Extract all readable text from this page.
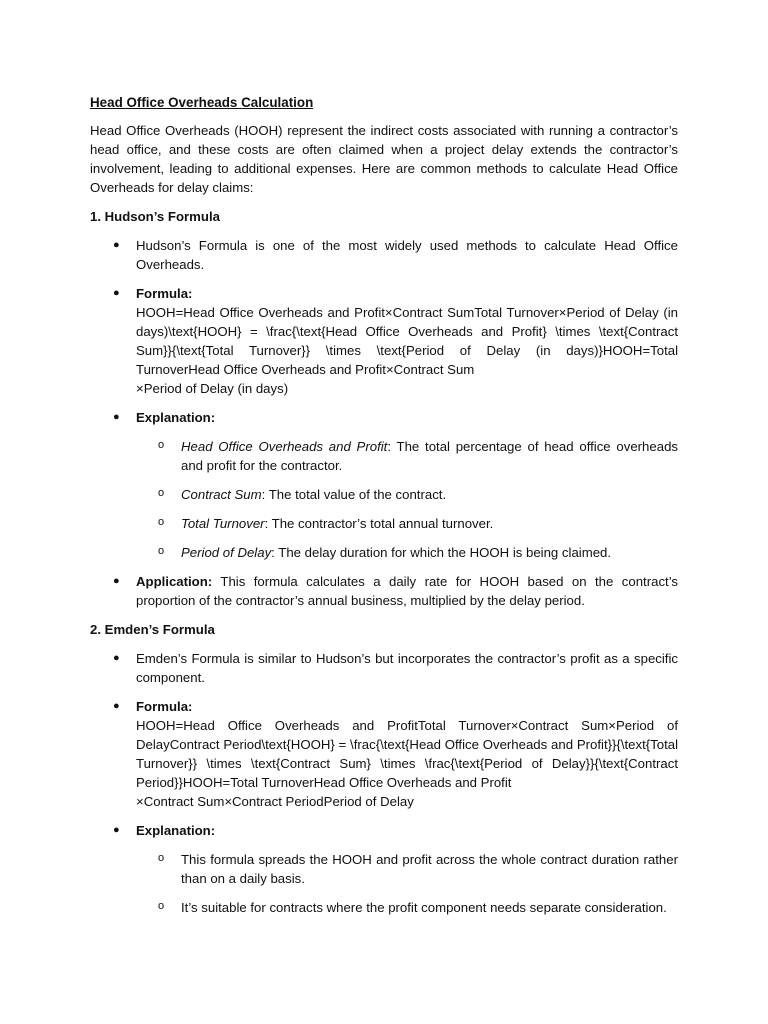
Head Office Overheads Calculation

Head Office Overheads (HOOH) represent the indirect costs associated with running a contractor’s head office, and these costs are often claimed when a project delay extends the contractor’s involvement, leading to additional expenses. Here are common methods to calculate Head Office Overheads for delay claims:

1. Hudson’s Formula

● Hudson’s Formula is one of the most widely used methods to calculate Head Office Overheads.

● Formula:

HOOH=Head Office Overheads and Profit×Contract SumTotal Turnover×Period of Delay (in days)\text{HOOH} = \frac{\text{Head Office Overheads and Profit} \times \text{Contract Sum}}{\text{Total Turnover}} \times \text{Period of Delay (in days)}HOOH=Total TurnoverHead Office Overheads and Profit×Contract Sum

×Period of Delay (in days)

● Explanation:

o Head Office Overheads and Profit: The total percentage of head office overheads and profit for the contractor.

o Contract Sum: The total value of the contract.

o Total Turnover: The contractor’s total annual turnover.

o Period of Delay: The delay duration for which the HOOH is being claimed.

● Application: This formula calculates a daily rate for HOOH based on the contract’s proportion of the contractor’s annual business, multiplied by the delay period.

2. Emden’s Formula

● Emden’s Formula is similar to Hudson’s but incorporates the contractor’s profit as a specific component.

● Formula:

HOOH=Head Office Overheads and ProfitTotal Turnover×Contract Sum×Period of DelayContract Period\text{HOOH} = \frac{\text{Head Office Overheads and Profit}}{\text{Total Turnover}} \times \text{Contract Sum} \times \frac{\text{Period of Delay}}{\text{Contract Period}}HOOH=Total TurnoverHead Office Overheads and Profit

×Contract Sum×Contract PeriodPeriod of Delay

● Explanation:

o This formula spreads the HOOH and profit across the whole contract duration rather than on a daily basis.

o It’s suitable for contracts where the profit component needs separate consideration.
